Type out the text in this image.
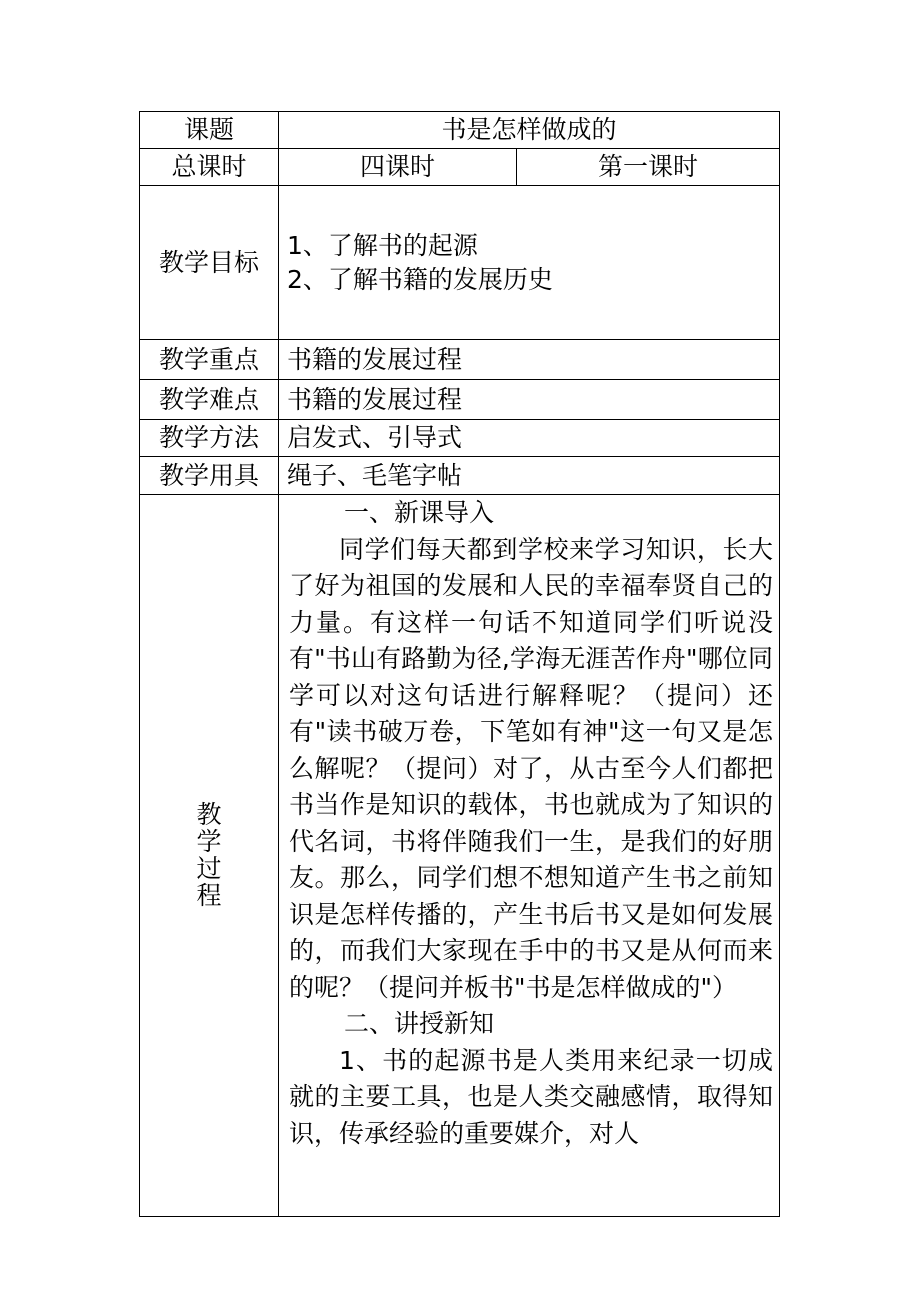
课题	书是怎样做成的	
总课时	四课时	第一课时
教学目标	1、了解书的起源
2、了解书籍的发展历史	

教学重点	书籍的发展过程	
教学难点	书籍的发展过程	
教学方法	启发式、引导式	
教学用具	绳子、毛笔字帖	
教学过程	一、新课导入

同学们每天都到学校来学习知识，长大了好为祖国的发展和人民的幸福奉贤自己的力量。有这样一句话不知道同学们听说没有"书山有路勤为径,学海无涯苦作舟"哪位同学可以对这句话进行解释呢？（提问）还有"读书破万卷，下笔如有神"这一句又是怎么解呢？（提问）对了，从古至今人们都把书当作是知识的载体，书也就成为了知识的代名词，书将伴随我们一生，是我们的好朋友。那么，同学们想不想知道产生书之前知识是怎样传播的，产生书后书又是如何发展的，而我们大家现在手中的书又是从何而来的呢？（提问并板书"书是怎样做成的"）

二、讲授新知

1、书的起源书是人类用来纪录一切成就的主要工具，也是人类交融感情，取得知识，传承经验的重要媒介，对人	
